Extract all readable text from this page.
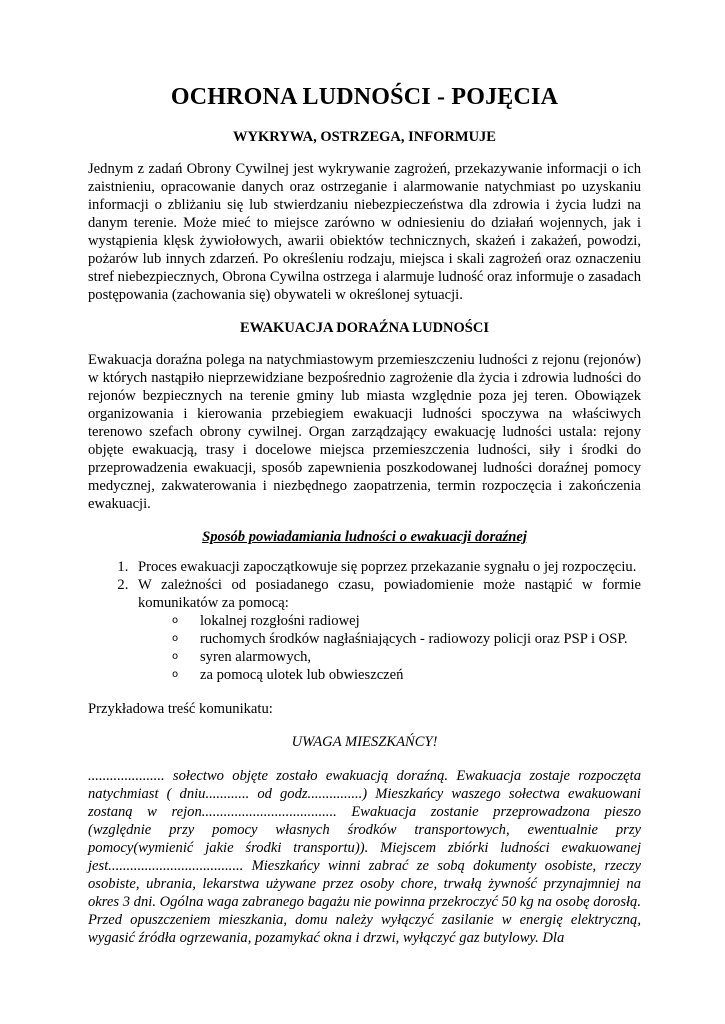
OCHRONA LUDNOŚCI - POJĘCIA
WYKRYWA, OSTRZEGA, INFORMUJE

Jednym z zadań Obrony Cywilnej jest wykrywanie zagrożeń, przekazywanie informacji o ich zaistnieniu, opracowanie danych oraz ostrzeganie i alarmowanie natychmiast po uzyskaniu informacji o zbliżaniu się lub stwierdzaniu niebezpieczeństwa dla zdrowia i życia ludzi na danym terenie. Może mieć to miejsce zarówno w odniesieniu do działań wojennych, jak i wystąpienia klęsk żywiołowych, awarii obiektów technicznych, skażeń i zakażeń, powodzi, pożarów lub innych zdarzeń. Po określeniu rodzaju, miejsca i skali zagrożeń oraz oznaczeniu stref niebezpiecznych, Obrona Cywilna ostrzega i alarmuje ludność oraz informuje o zasadach postępowania (zachowania się) obywateli w określonej sytuacji.

EWAKUACJA DORAŹNA LUDNOŚCI

Ewakuacja doraźna polega na natychmiastowym przemieszczeniu ludności z rejonu (rejonów) w których nastąpiło nieprzewidziane bezpośrednio zagrożenie dla życia i zdrowia ludności do rejonów bezpiecznych na terenie gminy lub miasta względnie poza jej teren. Obowiązek organizowania i kierowania przebiegiem ewakuacji ludności spoczywa na właściwych terenowo szefach obrony cywilnej. Organ zarządzający ewakuację ludności ustala: rejony objęte ewakuacją, trasy i docelowe miejsca przemieszczenia ludności, siły i środki do przeprowadzenia ewakuacji, sposób zapewnienia poszkodowanej ludności doraźnej pomocy medycznej, zakwaterowania i niezbędnego zaopatrzenia, termin rozpoczęcia i zakończenia ewakuacji.

Sposób powiadamiania ludności o ewakuacji doraźnej
1. Proces ewakuacji zapoczątkowuje się poprzez przekazanie sygnału o jej rozpoczęciu.
2. W zależności od posiadanego czasu, powiadomienie może nastąpić w formie komunikatów za pomocą:
o lokalnej rozgłośni radiowej
o ruchomych środków nagłaśniających - radiowozy policji oraz PSP i OSP.
o syren alarmowych,
o za pomocą ulotek lub obwieszczeń

Przykładowa treść komunikatu:

UWAGA MIESZKAŃCY!

..................... sołectwo objęte zostało ewakuacją doraźną. Ewakuacja zostaje rozpoczęta natychmiast ( dniu............ od godz...............) Mieszkańcy waszego sołectwa ewakuowani zostaną w rejon..................................... Ewakuacja zostanie przeprowadzona pieszo (względnie przy pomocy własnych środków transportowych, ewentualnie przy pomocy(wymienić jakie środki transportu)). Miejscem zbiórki ludności ewakuowanej jest..................................... Mieszkańcy winni zabrać ze sobą dokumenty osobiste, rzeczy osobiste, ubrania, lekarstwa używane przez osoby chore, trwałą żywność przynajmniej na okres 3 dni. Ogólna waga zabranego bagażu nie powinna przekroczyć 50 kg na osobę dorosłą. Przed opuszczeniem mieszkania, domu należy wyłączyć zasilanie w energię elektryczną, wygasić źródła ogrzewania, pozamykać okna i drzwi, wyłączyć gaz butylowy. Dla
